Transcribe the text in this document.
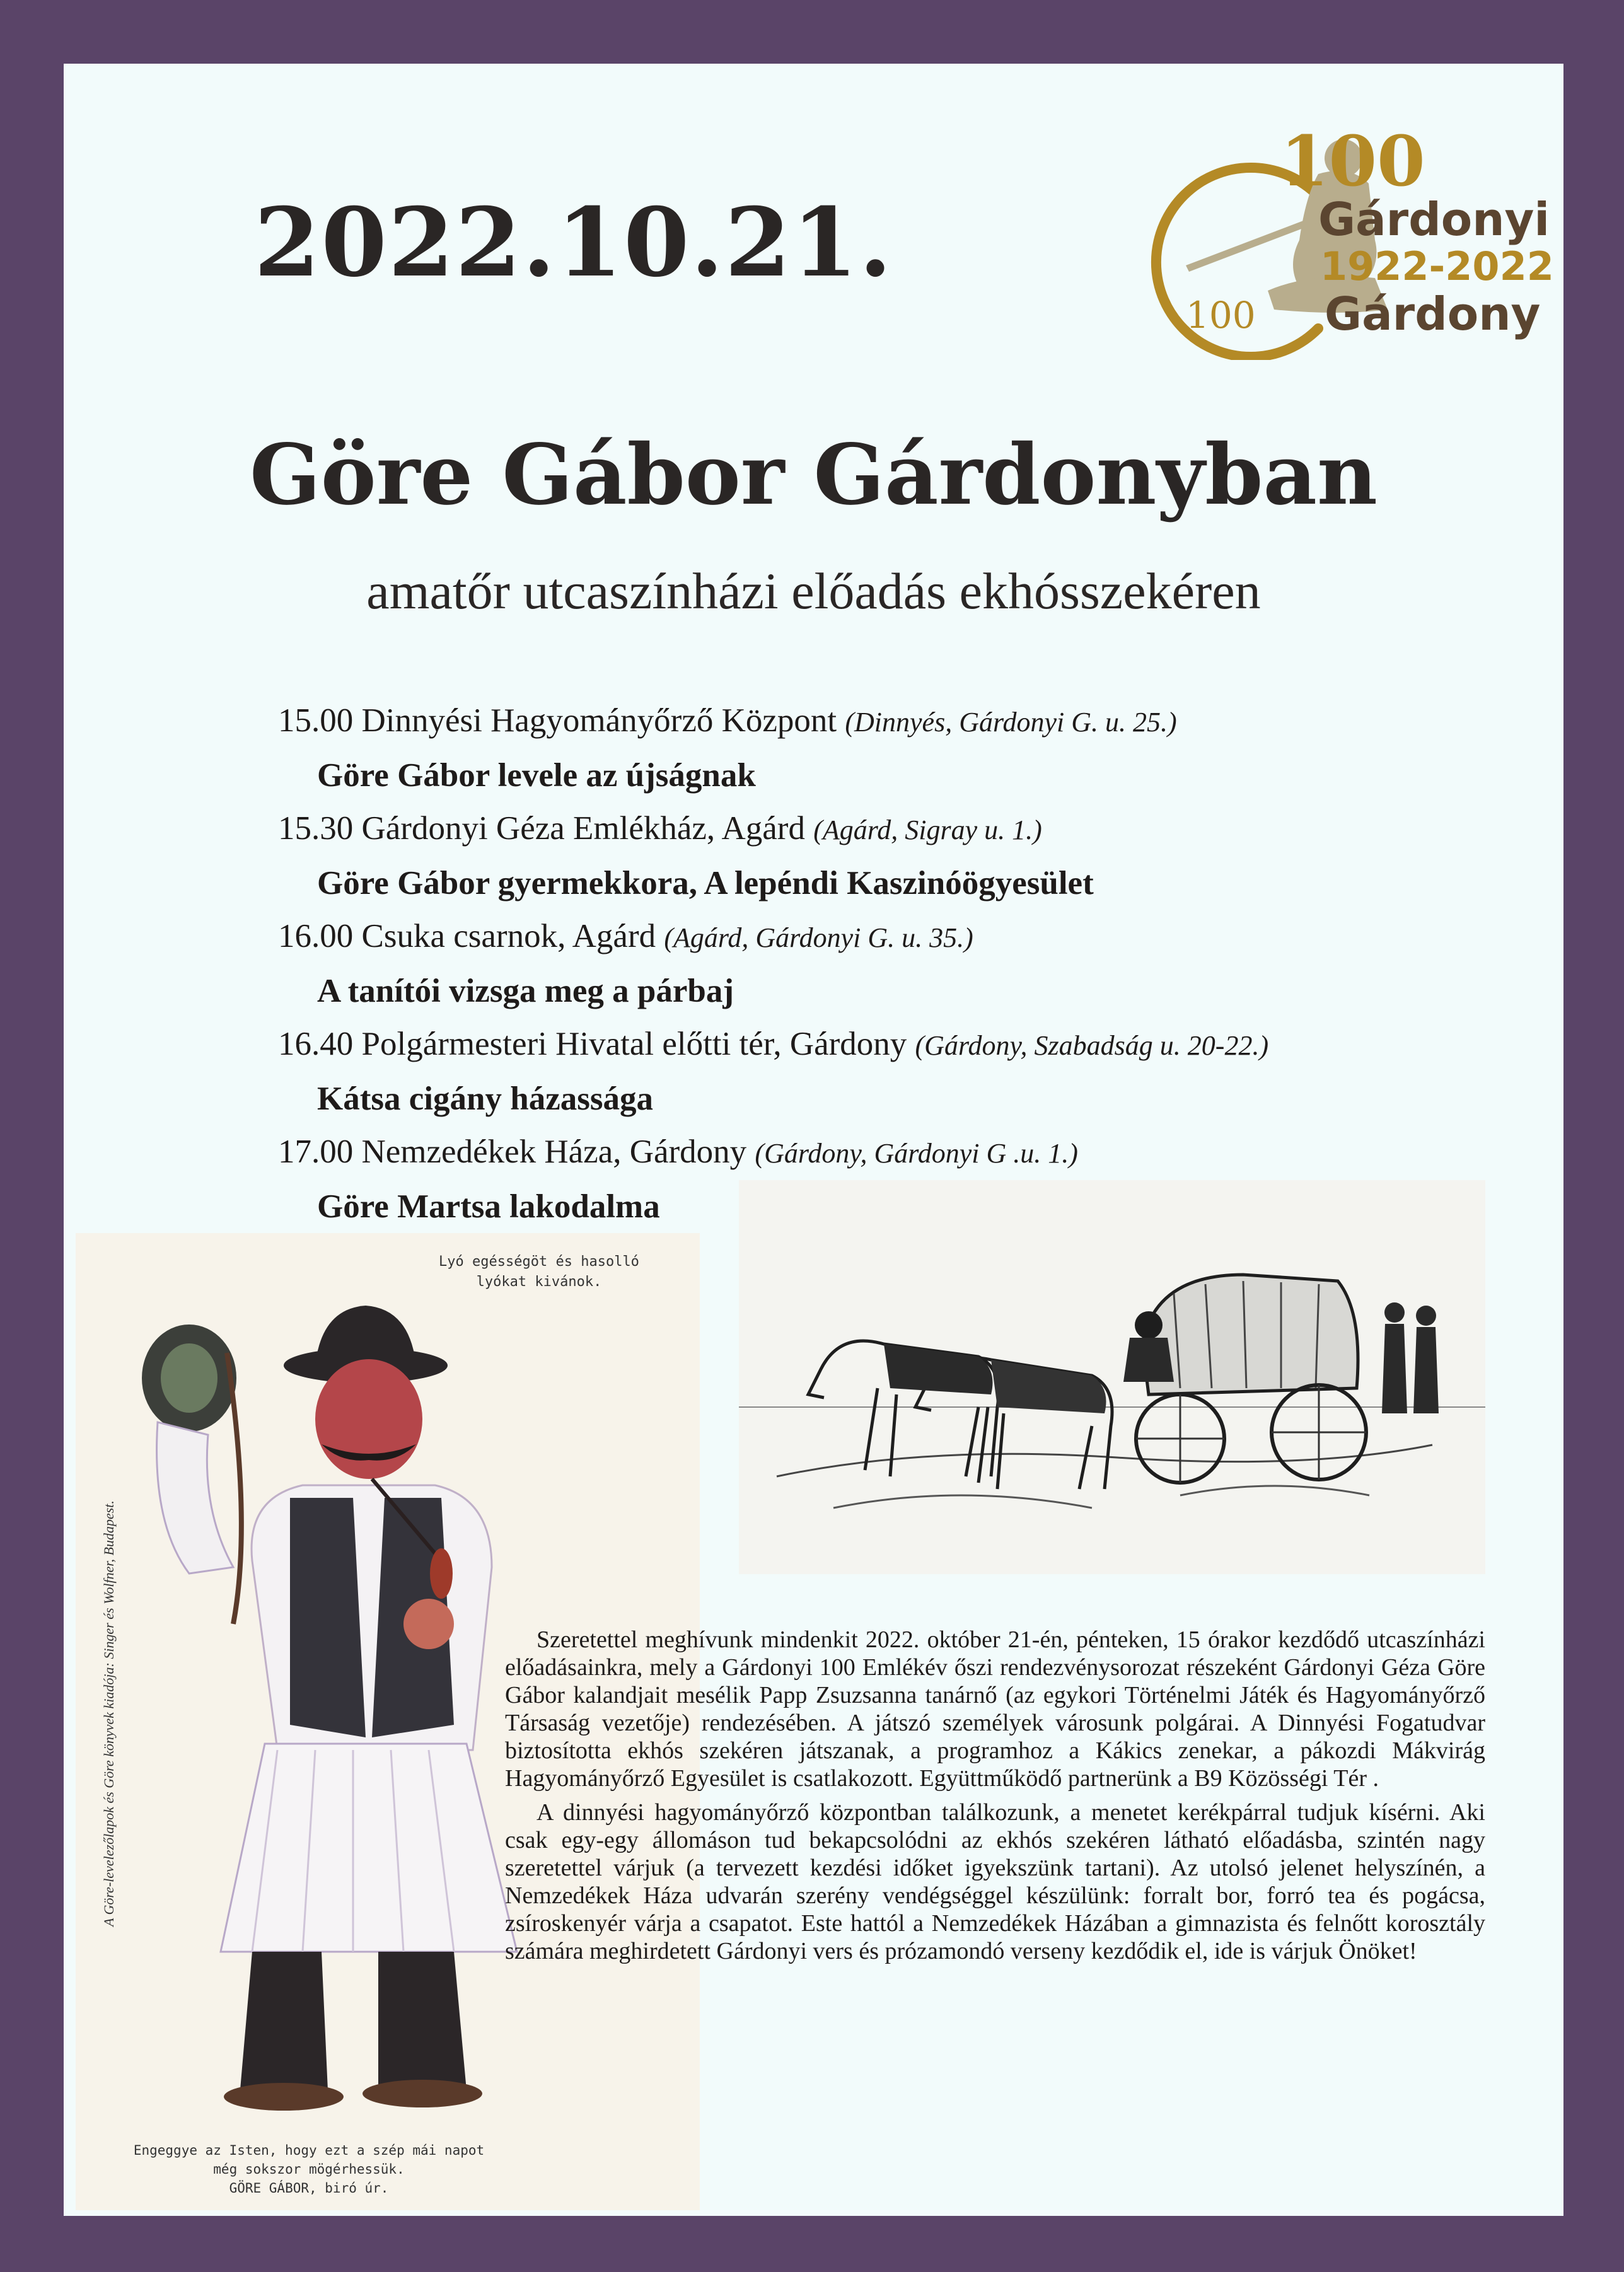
2022.10.21.
100
Gárdonyi
1922-2022
Gárdony
100
Göre Gábor Gárdonyban
amatőr utcaszínházi előadás ekhósszekéren
15.00 Dinnyési Hagyományőrző Központ (Dinnyés, Gárdonyi G. u. 25.)
Göre Gábor levele az újságnak
15.30 Gárdonyi Géza Emlékház, Agárd (Agárd, Sigray u. 1.)
Göre Gábor gyermekkora, A lepéndi Kaszinóögyesület
16.00 Csuka csarnok, Agárd (Agárd, Gárdonyi G. u. 35.)
A tanítói vizsga meg a párbaj
16.40 Polgármesteri Hivatal előtti tér, Gárdony (Gárdony, Szabadság u. 20-22.)
Kátsa cigány házassága
17.00 Nemzedékek Háza, Gárdony (Gárdony, Gárdonyi G .u. 1.)
Göre Martsa lakodalma
Lyó egésségöt és hasolló lyókat kivánok.
A Göre-levelezőlapok és Göre könyvek kiadója: Singer és Wolfner, Budapest.
Engeggye az Isten, hogy ezt a szép mái napot még sokszor mögérhessük.
GÖRE GÁBOR, biró úr.

Szeretettel meghívunk mindenkit 2022. október 21-én, pénteken, 15 órakor kezdődő utcaszínházi előadásainkra, mely a Gárdonyi 100 Emlékév őszi rendezvénysorozat részeként Gárdonyi Géza Göre Gábor kalandjait mesélik Papp Zsuzsanna tanárnő (az egykori Történelmi Játék és Hagyományőrző Társaság vezetője) rendezésében. A játszó személyek városunk polgárai. A Dinnyési Fogatudvar biztosította ekhós szekéren játszanak, a programhoz a Kákics zenekar, a pákozdi Mákvirág Hagyományőrző Egyesület is csatlakozott. Együttműködő partnerünk a B9 Közösségi Tér .

A dinnyési hagyományőrző központban találkozunk, a menetet kerékpárral tudjuk kísérni. Aki csak egy-egy állomáson tud bekapcsolódni az ekhós szekéren látható előadásba, szintén nagy szeretettel várjuk (a tervezett kezdési időket igyekszünk tartani). Az utolsó jelenet helyszínén, a Nemzedékek Háza udvarán szerény vendégséggel készülünk: forralt bor, forró tea és pogácsa, zsíroskenyér várja a csapatot. Este hattól a Nemzedékek Házában a gimnazista és felnőtt korosztály számára meghirdetett Gárdonyi vers és prózamondó verseny kezdődik el, ide is várjuk Önöket!
